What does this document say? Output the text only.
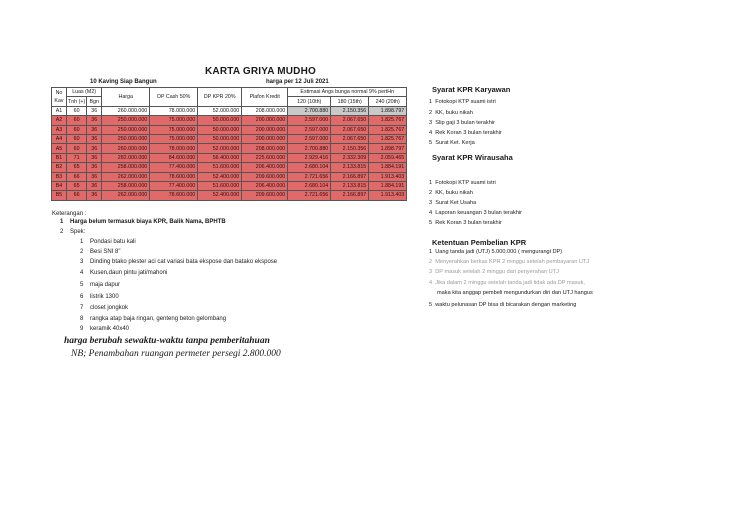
KARTA GRIYA MUDHO
10 Kaving Siap Bangun	harga per 12 Juli 2021
No
Kav	Luas (M2)		Harga	DP Cash 50%	DP KPR 20%	Plafon Kredit	Estimasi Angs bunga normal 9% pertHn		
	Tnh (+)	Bgn					120 (10th)	180 (15th)	240 (20th)
A1	60	36	260.000.000	78.000.000	52.000.000	208.000.000	2.700.880	2.150.356	1.898.797
A2	60	36	250.000.000	75.000.000	50.000.000	200.000.000	2.597.000	2.067.650	1.825.767
A3	60	36	250.000.000	75.000.000	50.000.000	200.000.000	2.597.000	2.067.650	1.825.767
A4	60	36	250.000.000	75.000.000	50.000.000	200.000.000	2.597.000	2.067.650	1.825.767
A5	60	36	260.000.000	78.000.000	52.000.000	208.000.000	2.700.880	2.150.356	1.898.797
B1	71	36	282.000.000	84.600.000	56.400.000	225.600.000	2.929.416	2.332.309	2.059.465
B2	65	36	258.000.000	77.400.000	51.600.000	206.400.000	2.680.104	2.133.815	1.884.191
B3	66	36	262.000.000	78.600.000	52.400.000	209.600.000	2.721.656	2.166.897	1.913.403
B4	65	36	258.000.000	77.400.000	51.600.000	206.400.000	2.680.104	2.133.815	1.884.191
B5	66	36	262.000.000	78.600.000	52.400.000	209.600.000	2.721.656	2.166.897	1.913.403
Keterangan :
1 Harga belum termasuk biaya KPR, Balik Nama, BPHTB
2 Spek:
1 Pondasi batu kali
2 Besi SNI 8"
3 Dinding btako plester aci cat variasi bata ekspose dan batako ekspose
4 Kusen,daun pintu jati/mahoni
5 maja dapur
6 listrik 1300
7 closet jongkok
8 rangka atap baja ringan, genteng beton gelombang
9 keramik 40x40
harga berubah sewaktu-waktu tanpa pemberitahuan
NB; Penambahan ruangan permeter persegi 2.800.000
Syarat KPR Karyawan
1 Fotokopi KTP suami istri
2 KK, buku nikah
3 Slip gaji 3 bulan terakhir
4 Rek Koran 3 bulan terakhir
5 Surat Ket. Kerja
Syarat KPR Wirausaha
1 Fotokopi KTP suami istri
2 KK, buku nikah
3 Surat Ket Usaha
4 Laporan keuangan 3 bulan terakhir
5 Rek Koran 3 bulan terakhir
Ketentuan Pembelian KPR
1 Uang tanda jadi (UTJ) 5.000.000 ( mengurangi DP)
2 Menyerahkan berkas KPR 2 minggu setelah pembayaran UTJ
3 DP masuk setelah 2 minggu dari penyerahan UTJ
4 Jika dalam 2 minggu setelah tanda jadi tidak ada DP masuk,
maka kita anggap pembeli mengundurkan diri dan UTJ hangus
5 waktu pelunasan DP bisa di bicarakan dengan marketing
